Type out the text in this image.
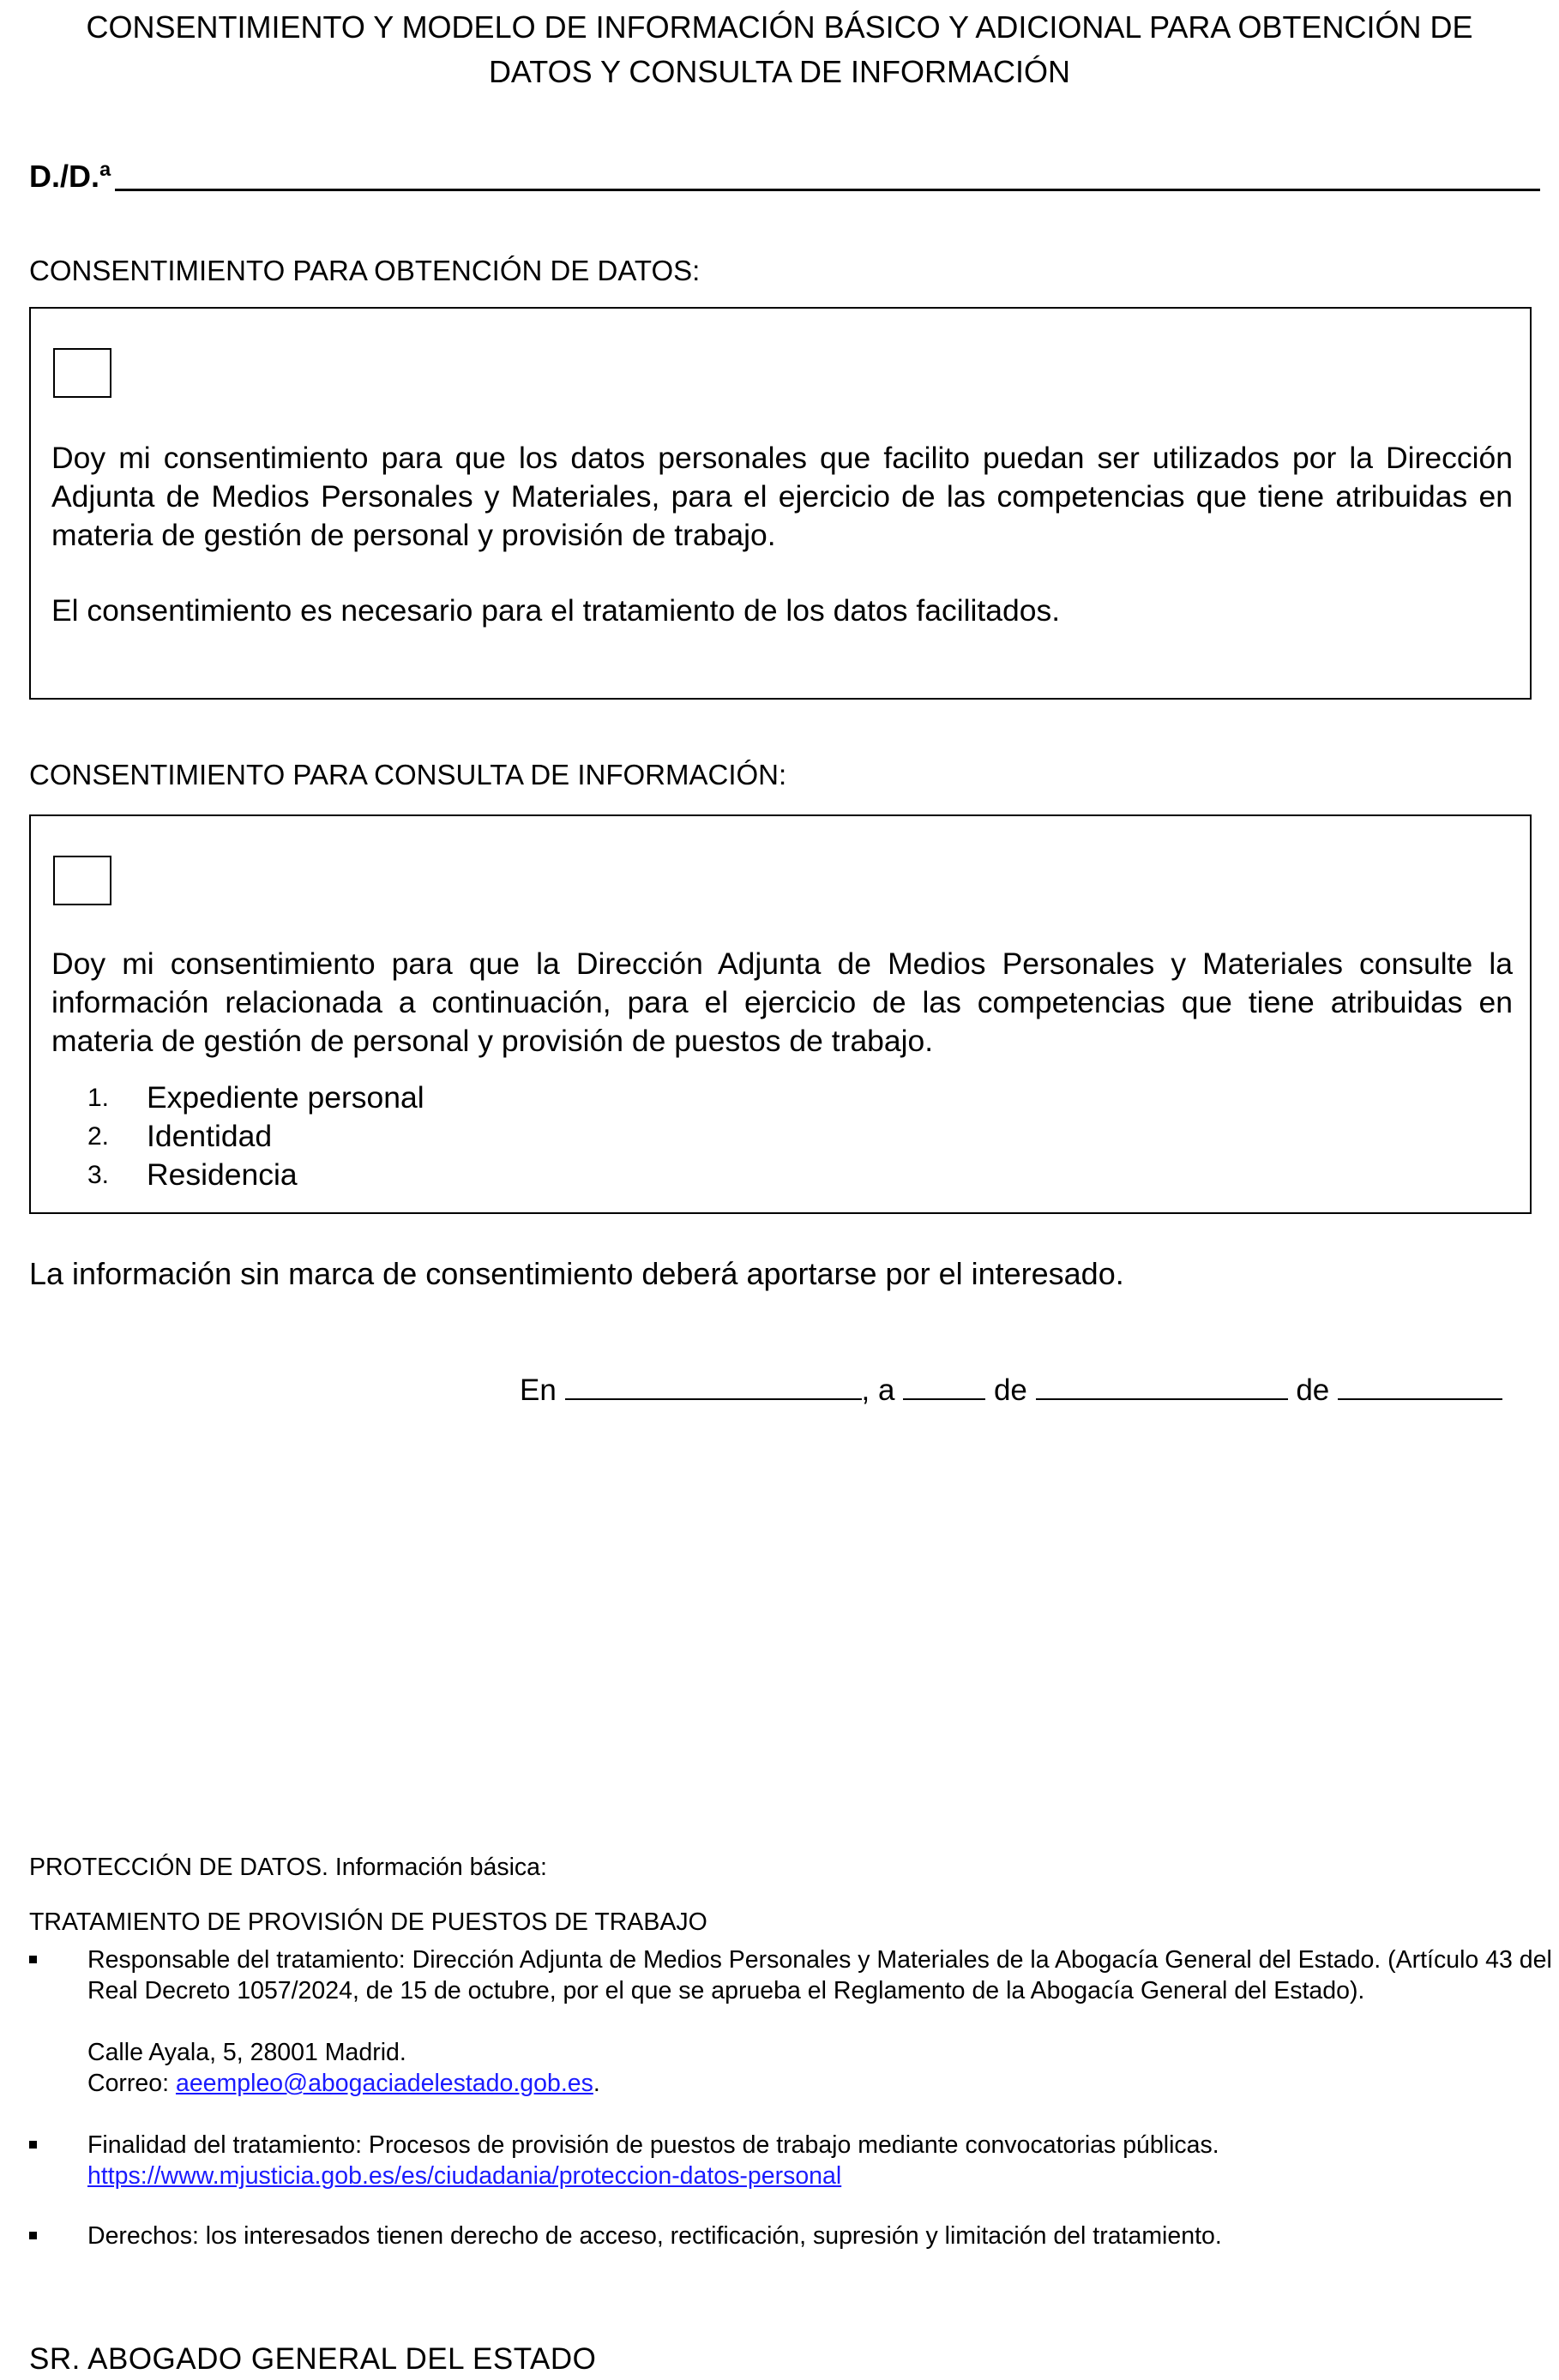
CONSENTIMIENTO Y MODELO DE INFORMACIÓN BÁSICO Y ADICIONAL PARA OBTENCIÓN DE
DATOS Y CONSULTA DE INFORMACIÓN
D./D.ª
CONSENTIMIENTO PARA OBTENCIÓN DE DATOS:
Doy mi consentimiento para que los datos personales que facilito puedan ser utilizados por la Dirección Adjunta de Medios Personales y Materiales, para el ejercicio de las competencias que tiene atribuidas en materia de gestión de personal y provisión de trabajo.
El consentimiento es necesario para el tratamiento de los datos facilitados.
CONSENTIMIENTO PARA CONSULTA DE INFORMACIÓN:
Doy mi consentimiento para que la Dirección Adjunta de Medios Personales y Materiales consulte la información relacionada a continuación, para el ejercicio de las competencias que tiene atribuidas en materia de gestión de personal y provisión de puestos de trabajo.
1.	Expediente personal
2.	Identidad
3.	Residencia
La información sin marca de consentimiento deberá aportarse por el interesado.
En	, a	de	de
PROTECCIÓN DE DATOS. Información básica:
TRATAMIENTO DE PROVISIÓN DE PUESTOS DE TRABAJO
Responsable del tratamiento: Dirección Adjunta de Medios Personales y Materiales de la Abogacía General del Estado. (Artículo 43 del Real Decreto 1057/2024, de 15 de octubre, por el que se aprueba el Reglamento de la Abogacía General del Estado).
Calle Ayala, 5, 28001 Madrid.
Correo: aeempleo@abogaciadelestado.gob.es.
Finalidad del tratamiento: Procesos de provisión de puestos de trabajo mediante convocatorias públicas.
https://www.mjusticia.gob.es/es/ciudadania/proteccion-datos-personal
Derechos: los interesados tienen derecho de acceso, rectificación, supresión y limitación del tratamiento.
SR. ABOGADO GENERAL DEL ESTADO
